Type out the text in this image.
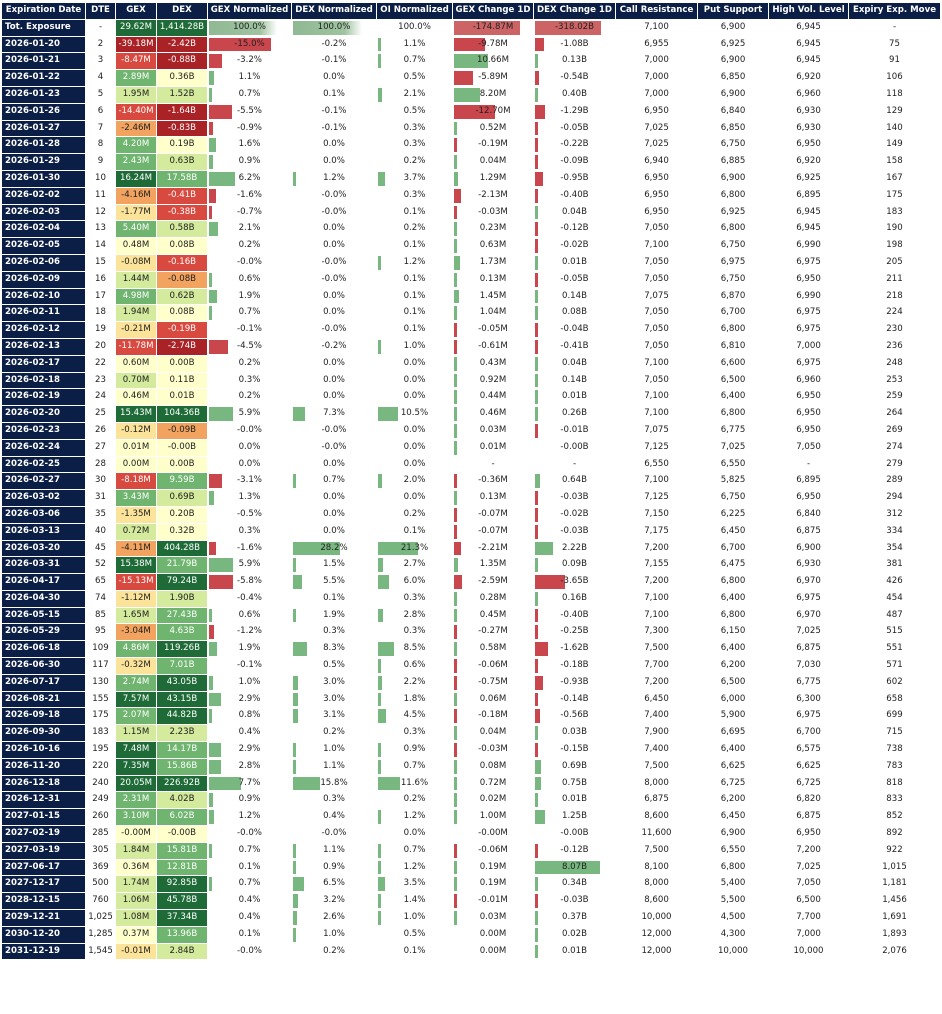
Expiration Date	DTE	GEX	DEX	GEX Normalized	DEX Normalized	OI Normalized	GEX Change 1D	DEX Change 1D	Call Resistance	Put Support	High Vol. Level	Expiry Exp. Move
Tot. Exposure	-	29.62M	1,414.28B	100.0%	100.0%	100.0%	-174.87M	-318.02B	7,100	6,900	6,945	-
2026-01-20	2	-39.18M	-2.42B	-15.0%	-0.2%	1.1%	-9.78M	-1.08B	6,955	6,925	6,945	75
2026-01-21	3	-8.47M	-0.88B	-3.2%	-0.1%	0.7%	10.66M	0.13B	7,000	6,900	6,945	91
2026-01-22	4	2.89M	0.36B	1.1%	0.0%	0.5%	-5.89M	-0.54B	7,000	6,850	6,920	106
2026-01-23	5	1.95M	1.52B	0.7%	0.1%	2.1%	8.20M	0.40B	7,000	6,900	6,960	118
2026-01-26	6	-14.40M	-1.64B	-5.5%	-0.1%	0.5%	-12.70M	-1.29B	6,950	6,840	6,930	129
2026-01-27	7	-2.46M	-0.83B	-0.9%	-0.1%	0.3%	0.52M	-0.05B	7,025	6,850	6,930	140
2026-01-28	8	4.20M	0.19B	1.6%	0.0%	0.3%	-0.19M	-0.22B	7,025	6,750	6,950	149
2026-01-29	9	2.43M	0.63B	0.9%	0.0%	0.2%	0.04M	-0.09B	6,940	6,885	6,920	158
2026-01-30	10	16.24M	17.58B	6.2%	1.2%	3.7%	1.29M	-0.95B	6,950	6,900	6,925	167
2026-02-02	11	-4.16M	-0.41B	-1.6%	-0.0%	0.3%	-2.13M	-0.40B	6,950	6,800	6,895	175
2026-02-03	12	-1.77M	-0.38B	-0.7%	-0.0%	0.1%	-0.03M	0.04B	6,950	6,925	6,945	183
2026-02-04	13	5.40M	0.58B	2.1%	0.0%	0.2%	0.23M	-0.12B	7,050	6,800	6,945	190
2026-02-05	14	0.48M	0.08B	0.2%	0.0%	0.1%	0.63M	-0.02B	7,100	6,750	6,990	198
2026-02-06	15	-0.08M	-0.16B	-0.0%	-0.0%	1.2%	1.73M	0.01B	7,050	6,975	6,975	205
2026-02-09	16	1.44M	-0.08B	0.6%	-0.0%	0.1%	0.13M	-0.05B	7,050	6,750	6,950	211
2026-02-10	17	4.98M	0.62B	1.9%	0.0%	0.1%	1.45M	0.14B	7,075	6,870	6,990	218
2026-02-11	18	1.94M	0.08B	0.7%	0.0%	0.1%	1.04M	0.08B	7,050	6,700	6,975	224
2026-02-12	19	-0.21M	-0.19B	-0.1%	-0.0%	0.1%	-0.05M	-0.04B	7,050	6,800	6,975	230
2026-02-13	20	-11.78M	-2.74B	-4.5%	-0.2%	1.0%	-0.61M	-0.41B	7,050	6,810	7,000	236
2026-02-17	22	0.60M	0.00B	0.2%	0.0%	0.0%	0.43M	0.04B	7,100	6,600	6,975	248
2026-02-18	23	0.70M	0.11B	0.3%	0.0%	0.0%	0.92M	0.14B	7,050	6,500	6,960	253
2026-02-19	24	0.46M	0.01B	0.2%	0.0%	0.0%	0.44M	0.01B	7,100	6,400	6,950	259
2026-02-20	25	15.43M	104.36B	5.9%	7.3%	10.5%	0.46M	0.26B	7,100	6,800	6,950	264
2026-02-23	26	-0.12M	-0.09B	-0.0%	-0.0%	0.0%	0.03M	-0.01B	7,075	6,775	6,950	269
2026-02-24	27	0.01M	-0.00B	0.0%	-0.0%	0.0%	0.01M	-0.00B	7,125	7,025	7,050	274
2026-02-25	28	0.00M	0.00B	0.0%	0.0%	0.0%	-	-	6,550	6,550	-	279
2026-02-27	30	-8.18M	9.59B	-3.1%	0.7%	2.0%	-0.36M	0.64B	7,100	5,825	6,895	289
2026-03-02	31	3.43M	0.69B	1.3%	0.0%	0.0%	0.13M	-0.03B	7,125	6,750	6,950	294
2026-03-06	35	-1.35M	0.20B	-0.5%	0.0%	0.2%	-0.07M	-0.02B	7,150	6,225	6,840	312
2026-03-13	40	0.72M	0.32B	0.3%	0.0%	0.1%	-0.07M	-0.03B	7,175	6,450	6,875	334
2026-03-20	45	-4.11M	404.28B	-1.6%	28.2%	21.3%	-2.21M	2.22B	7,200	6,700	6,900	354
2026-03-31	52	15.38M	21.79B	5.9%	1.5%	2.7%	1.35M	0.09B	7,155	6,475	6,930	381
2026-04-17	65	-15.13M	79.24B	-5.8%	5.5%	6.0%	-2.59M	-3.65B	7,200	6,800	6,970	426
2026-04-30	74	-1.12M	1.90B	-0.4%	0.1%	0.3%	0.28M	0.16B	7,100	6,400	6,975	454
2026-05-15	85	1.65M	27.43B	0.6%	1.9%	2.8%	0.45M	-0.40B	7,100	6,800	6,970	487
2026-05-29	95	-3.04M	4.63B	-1.2%	0.3%	0.3%	-0.27M	-0.25B	7,300	6,150	7,025	515
2026-06-18	109	4.86M	119.26B	1.9%	8.3%	8.5%	0.58M	-1.62B	7,500	6,400	6,875	551
2026-06-30	117	-0.32M	7.01B	-0.1%	0.5%	0.6%	-0.06M	-0.18B	7,700	6,200	7,030	571
2026-07-17	130	2.74M	43.05B	1.0%	3.0%	2.2%	-0.75M	-0.93B	7,200	6,500	6,775	602
2026-08-21	155	7.57M	43.15B	2.9%	3.0%	1.8%	0.06M	-0.14B	6,450	6,000	6,300	658
2026-09-18	175	2.07M	44.82B	0.8%	3.1%	4.5%	-0.18M	-0.56B	7,400	5,900	6,975	699
2026-09-30	183	1.15M	2.23B	0.4%	0.2%	0.3%	0.04M	0.03B	7,900	6,695	6,700	715
2026-10-16	195	7.48M	14.17B	2.9%	1.0%	0.9%	-0.03M	-0.15B	7,400	6,400	6,575	738
2026-11-20	220	7.35M	15.86B	2.8%	1.1%	0.7%	0.08M	0.69B	7,500	6,625	6,625	783
2026-12-18	240	20.05M	226.92B	7.7%	15.8%	11.6%	0.72M	0.75B	8,000	6,725	6,725	818
2026-12-31	249	2.31M	4.02B	0.9%	0.3%	0.2%	0.02M	0.01B	6,875	6,200	6,820	833
2027-01-15	260	3.10M	6.02B	1.2%	0.4%	1.2%	1.00M	1.25B	8,600	6,450	6,875	852
2027-02-19	285	-0.00M	-0.00B	-0.0%	-0.0%	0.0%	-0.00M	-0.00B	11,600	6,900	6,950	892
2027-03-19	305	1.84M	15.81B	0.7%	1.1%	0.7%	-0.06M	-0.12B	7,500	6,550	7,200	922
2027-06-17	369	0.36M	12.81B	0.1%	0.9%	1.2%	0.19M	8.07B	8,100	6,800	7,025	1,015
2027-12-17	500	1.74M	92.85B	0.7%	6.5%	3.5%	0.19M	0.34B	8,000	5,400	7,050	1,181
2028-12-15	760	1.06M	45.78B	0.4%	3.2%	1.4%	-0.01M	-0.03B	8,600	5,500	6,500	1,456
2029-12-21	1,025	1.08M	37.34B	0.4%	2.6%	1.0%	0.03M	0.37B	10,000	4,500	7,700	1,691
2030-12-20	1,285	0.37M	13.96B	0.1%	1.0%	0.5%	0.00M	0.02B	12,000	4,300	7,000	1,893
2031-12-19	1,545	-0.01M	2.84B	-0.0%	0.2%	0.1%	0.00M	0.01B	12,000	10,000	10,000	2,076
